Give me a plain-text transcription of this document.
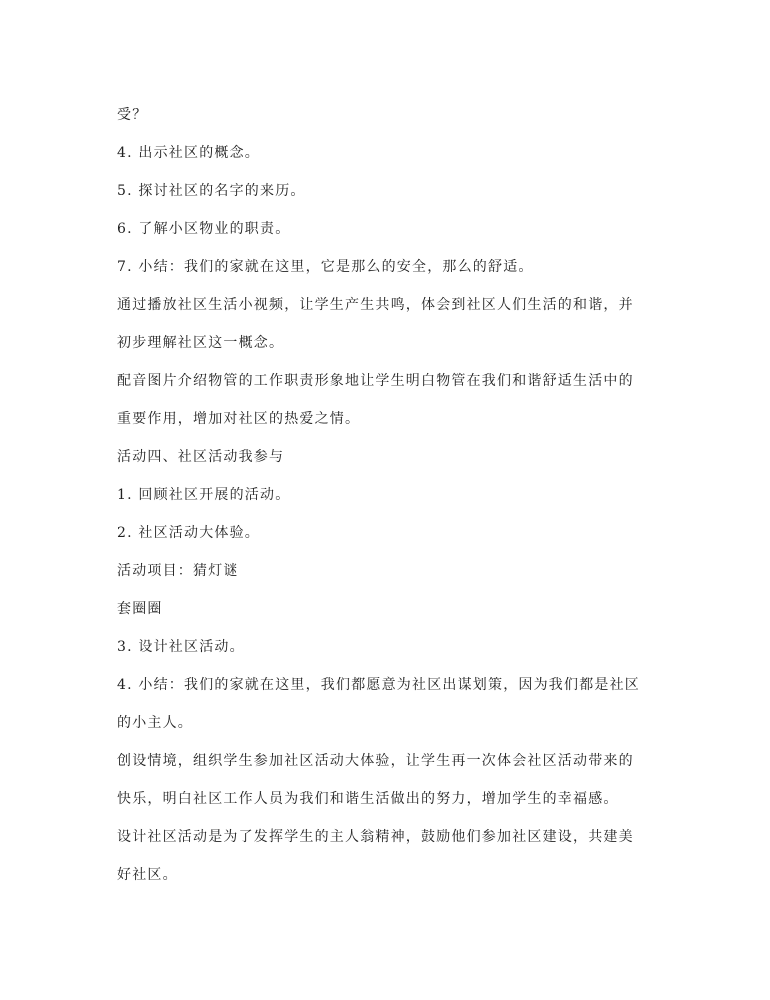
受？
4. 出示社区的概念。
5. 探讨社区的名字的来历。
6. 了解小区物业的职责。
7. 小结：我们的家就在这里，它是那么的安全，那么的舒适。
通过播放社区生活小视频，让学生产生共鸣，体会到社区人们生活的和谐，并
初步理解社区这一概念。
配音图片介绍物管的工作职责形象地让学生明白物管在我们和谐舒适生活中的
重要作用，增加对社区的热爱之情。
活动四、社区活动我参与
1. 回顾社区开展的活动。
2. 社区活动大体验。
活动项目：猜灯谜
套圈圈
3. 设计社区活动。
4. 小结：我们的家就在这里，我们都愿意为社区出谋划策，因为我们都是社区
的小主人。
创设情境，组织学生参加社区活动大体验，让学生再一次体会社区活动带来的
快乐，明白社区工作人员为我们和谐生活做出的努力，增加学生的幸福感。
设计社区活动是为了发挥学生的主人翁精神，鼓励他们参加社区建设，共建美
好社区。
